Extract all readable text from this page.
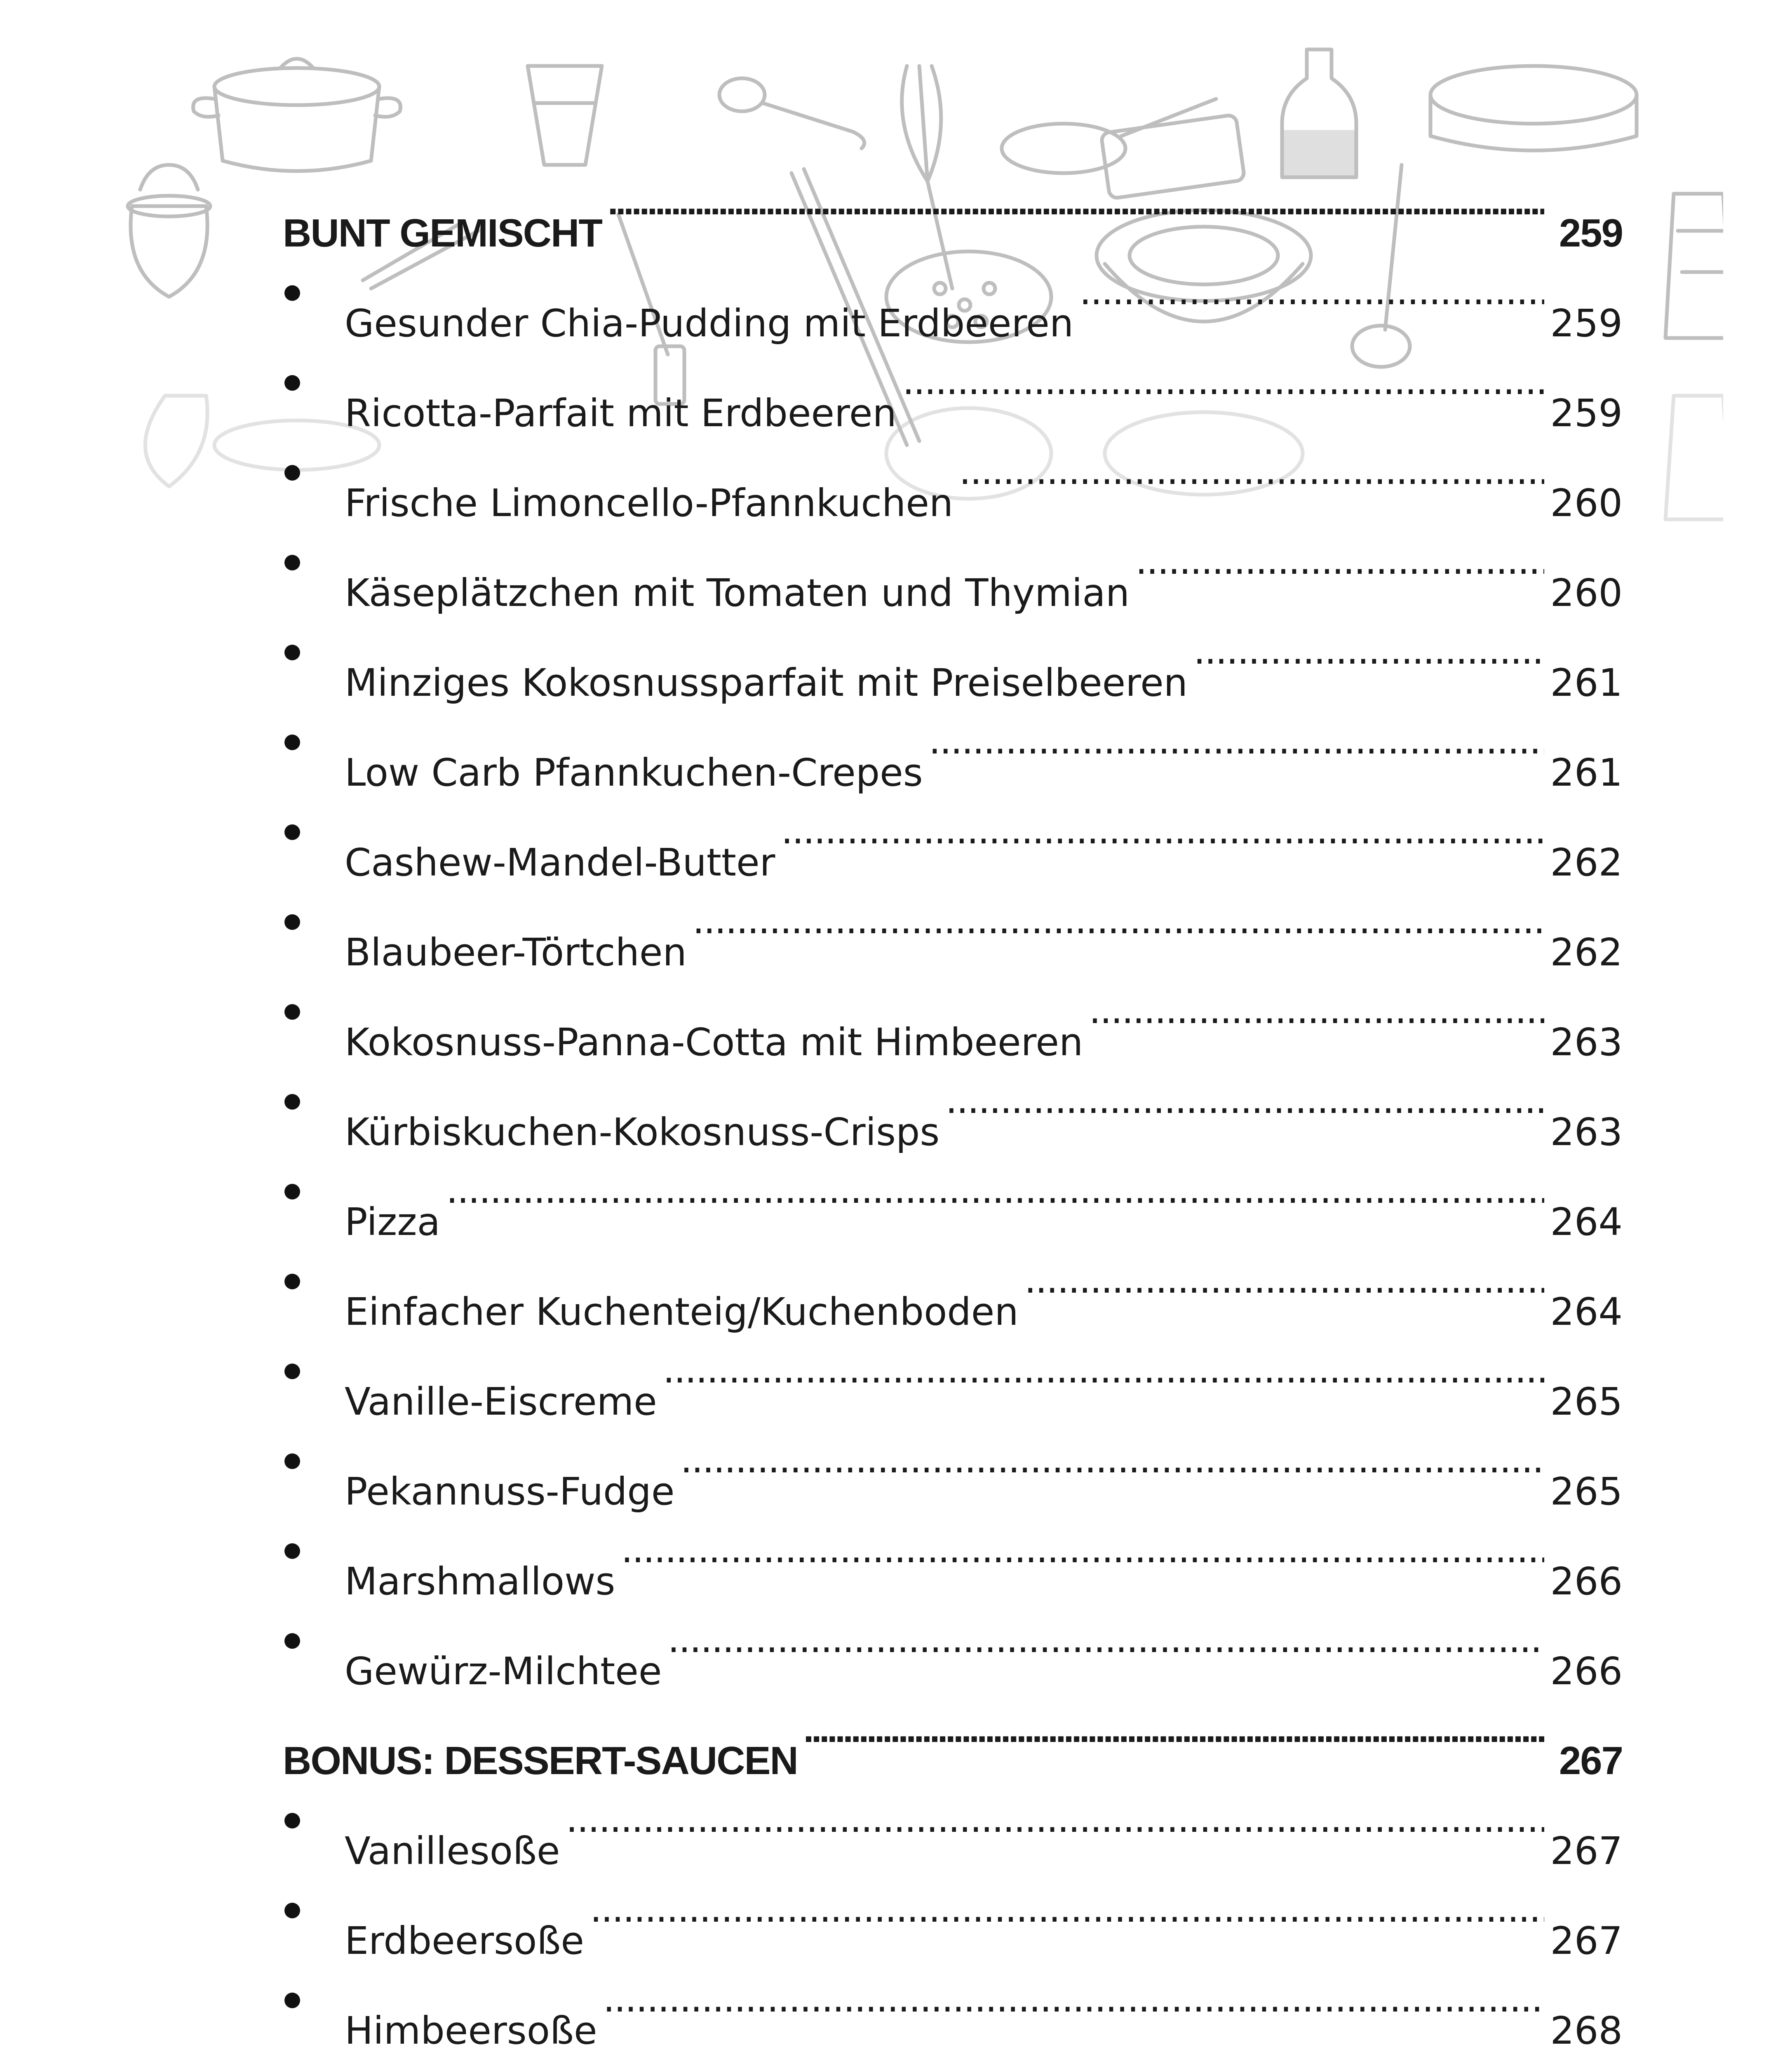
BUNT GEMISCHT . . .	259
Gesunder Chia-Pudding mit Erdbeeren . . .	259
Ricotta-Parfait mit Erdbeeren . . .	259
Frische Limoncello-Pfannkuchen . . .	260
Käseplätzchen mit Tomaten und Thymian . . .	260
Minziges Kokosnussparfait mit Preiselbeeren . . .	261
Low Carb Pfannkuchen-Crepes . . .	261
Cashew-Mandel-Butter . . .	262
Blaubeer-Törtchen . . .	262
Kokosnuss-Panna-Cotta mit Himbeeren . . .	263
Kürbiskuchen-Kokosnuss-Crisps . . .	263
Pizza . . .	264
Einfacher Kuchenteig/Kuchenboden . . .	264
Vanille-Eiscreme . . .	265
Pekannuss-Fudge . . .	265
Marshmallows . . .	266
Gewürz-Milchtee . . .	266
BONUS: DESSERT-SAUCEN . . .	267
Vanillesoße . . .	267
Erdbeersoße . . .	267
Himbeersoße . . .	268
. . .
